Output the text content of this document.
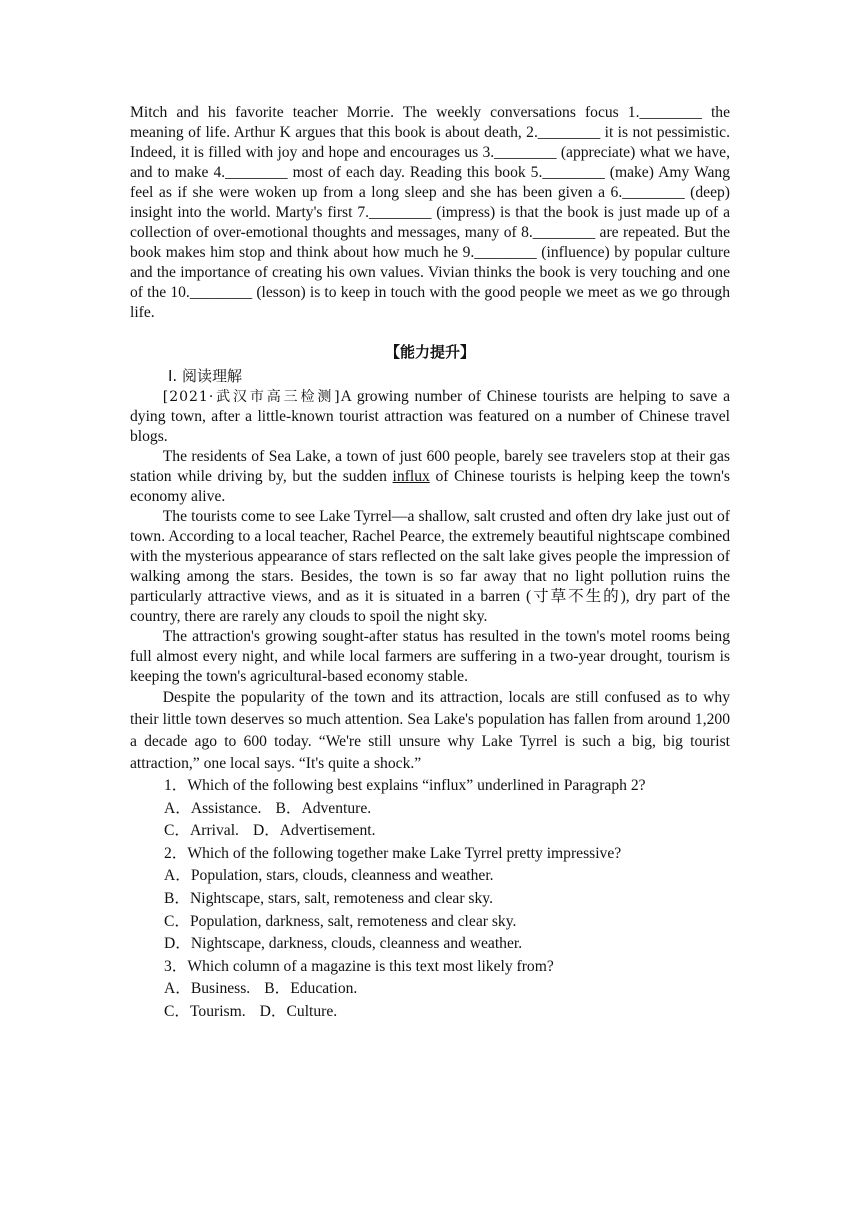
Mitch and his favorite teacher Morrie. The weekly conversations focus 1.________ the meaning of life. Arthur K argues that this book is about death, 2.________ it is not pessimistic. Indeed, it is filled with joy and hope and encourages us 3.________ (appreciate) what we have, and to make 4.________ most of each day. Reading this book 5.________ (make) Amy Wang feel as if she were woken up from a long sleep and she has been given a 6.________ (deep) insight into the world. Marty's first 7.________ (impress) is that the book is just made up of a collection of over-emotional thoughts and messages, many of 8.________ are repeated. But the book makes him stop and think about how much he 9.________ (influence) by popular culture and the importance of creating his own values. Vivian thinks the book is very touching and one of the 10.________ (lesson) is to keep in touch with the good people we meet as we go through life.

【能力提升】
Ⅰ. 阅读理解

[2021·武汉市高三检测]A growing number of Chinese tourists are helping to save a dying town, after a little-known tourist attraction was featured on a number of Chinese travel blogs.

The residents of Sea Lake, a town of just 600 people, barely see travelers stop at their gas station while driving by, but the sudden influx of Chinese tourists is helping keep the town's economy alive.

The tourists come to see Lake Tyrrel—a shallow, salt crusted and often dry lake just out of town. According to a local teacher, Rachel Pearce, the extremely beautiful nightscape combined with the mysterious appearance of stars reflected on the salt lake gives people the impression of walking among the stars. Besides, the town is so far away that no light pollution ruins the particularly attractive views, and as it is situated in a barren (寸草不生的), dry part of the country, there are rarely any clouds to spoil the night sky.

The attraction's growing sought-after status has resulted in the town's motel rooms being full almost every night, and while local farmers are suffering in a two-year drought, tourism is keeping the town's agricultural-based economy stable.

Despite the popularity of the town and its attraction, locals are still confused as to why their little town deserves so much attention. Sea Lake's population has fallen from around 1,200 a decade ago to 600 today. “We're still unsure why Lake Tyrrel is such a big, big tourist attraction,” one local says. “It's quite a shock.”

1．Which of the following best explains “influx” underlined in Paragraph 2?

A．Assistance. B．Adventure.

C．Arrival. D．Advertisement.

2．Which of the following together make Lake Tyrrel pretty impressive?

A．Population, stars, clouds, cleanness and weather.

B．Nightscape, stars, salt, remoteness and clear sky.

C．Population, darkness, salt, remoteness and clear sky.

D．Nightscape, darkness, clouds, cleanness and weather.

3．Which column of a magazine is this text most likely from?

A．Business. B．Education.

C．Tourism. D．Culture.
